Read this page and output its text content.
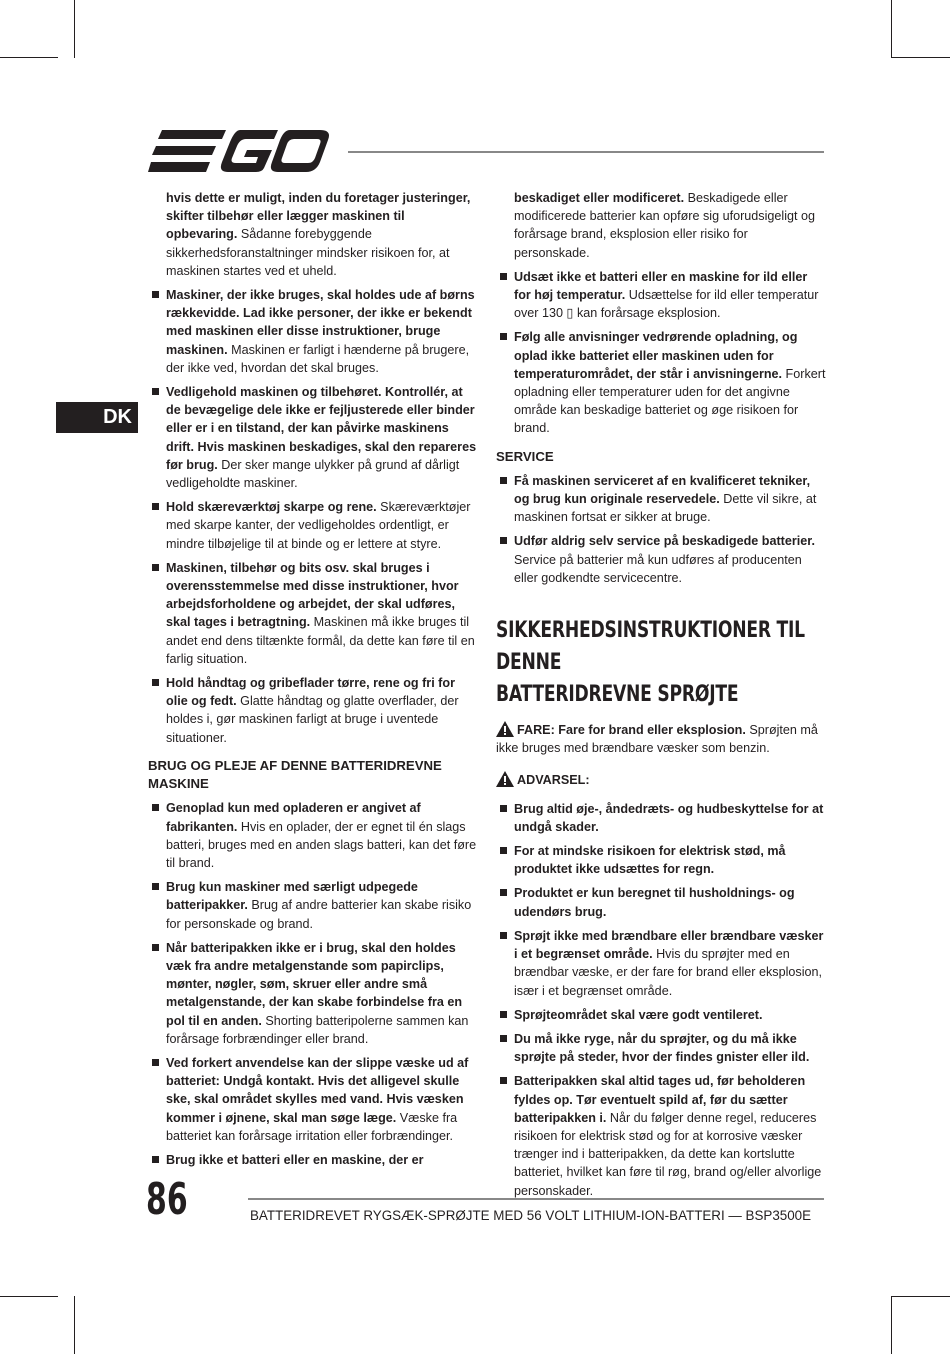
DK

hvis dette er muligt, inden du foretager justeringer, skifter tilbehør eller lægger maskinen til opbevaring. Sådanne forebyggende sikkerhedsforanstaltninger mindsker risikoen for, at maskinen startes ved et uheld.

Maskiner, der ikke bruges, skal holdes ude af børns rækkevidde. Lad ikke personer, der ikke er bekendt med maskinen eller disse instruktioner, bruge maskinen. Maskinen er farligt i hænderne på brugere, der ikke ved, hvordan det skal bruges.
Vedligehold maskinen og tilbehøret. Kontrollér, at de bevægelige dele ikke er fejljusterede eller binder eller er i en tilstand, der kan påvirke maskinens drift. Hvis maskinen beskadiges, skal den repareres før brug. Der sker mange ulykker på grund af dårligt vedligeholdte maskiner.
Hold skæreværktøj skarpe og rene. Skæreværktøjer med skarpe kanter, der vedligeholdes ordentligt, er mindre tilbøjelige til at binde og er lettere at styre.
Maskinen, tilbehør og bits osv. skal bruges i overensstemmelse med disse instruktioner, hvor arbejdsforholdene og arbejdet, der skal udføres, skal tages i betragtning. Maskinen må ikke bruges til andet end dens tiltænkte formål, da dette kan føre til en farlig situation.
Hold håndtag og gribeflader tørre, rene og fri for olie og fedt. Glatte håndtag og glatte overflader, der holdes i, gør maskinen farligt at bruge i uventede situationer.
BRUG OG PLEJE AF DENNE BATTERIDREVNE MASKINE
Genoplad kun med opladeren er angivet af fabrikanten. Hvis en oplader, der er egnet til én slags batteri, bruges med en anden slags batteri, kan det føre til brand.
Brug kun maskiner med særligt udpegede batteripakker. Brug af andre batterier kan skabe risiko for personskade og brand.
Når batteripakken ikke er i brug, skal den holdes væk fra andre metalgenstande som papirclips, mønter, nøgler, søm, skruer eller andre små metalgenstande, der kan skabe forbindelse fra en pol til en anden. Shorting batteripolerne sammen kan forårsage forbrændinger eller brand.
Ved forkert anvendelse kan der slippe væske ud af batteriet: Undgå kontakt. Hvis det alligevel skulle ske, skal området skylles med vand. Hvis væsken kommer i øjnene, skal man søge læge. Væske fra batteriet kan forårsage irritation eller forbrændinger.
Brug ikke et batteri eller en maskine, der er

beskadiget eller modificeret. Beskadigede eller modificerede batterier kan opføre sig uforudsigeligt og forårsage brand, eksplosion eller risiko for personskade.

Udsæt ikke et batteri eller en maskine for ild eller for høj temperatur. Udsættelse for ild eller temperatur over 130 ▯ kan forårsage eksplosion.
Følg alle anvisninger vedrørende opladning, og oplad ikke batteriet eller maskinen uden for temperaturområdet, der står i anvisningerne. Forkert opladning eller temperaturer uden for det angivne område kan beskadige batteriet og øge risikoen for brand.
SERVICE
Få maskinen serviceret af en kvalificeret tekniker, og brug kun originale reservedele. Dette vil sikre, at maskinen fortsat er sikker at bruge.
Udfør aldrig selv service på beskadigede batterier. Service på batterier må kun udføres af producenten eller godkendte servicecentre.
SIKKERHEDSINSTRUKTIONER TIL DENNE
BATTERIDREVNE SPRØJTE

FARE: Fare for brand eller eksplosion. Sprøjten må ikke bruges med brændbare væsker som benzin.

ADVARSEL:

Brug altid øje-, åndedræts- og hudbeskyttelse for at undgå skader.
For at mindske risikoen for elektrisk stød, må produktet ikke udsættes for regn.
Produktet er kun beregnet til husholdnings- og udendørs brug.
Sprøjt ikke med brændbare eller brændbare væsker i et begrænset område. Hvis du sprøjter med en brændbar væske, er der fare for brand eller eksplosion, især i et begrænset område.
Sprøjteområdet skal være godt ventileret.
Du må ikke ryge, når du sprøjter, og du må ikke sprøjte på steder, hvor der findes gnister eller ild.
Batteripakken skal altid tages ud, før beholderen fyldes op. Tør eventuelt spild af, før du sætter batteripakken i. Når du følger denne regel, reduceres risikoen for elektrisk stød og for at korrosive væsker trænger ind i batteripakken, da dette kan kortslutte batteriet, hvilket kan føre til røg, brand og/eller alvorlige personskader.
86	BATTERIDREVET RYGSÆK-SPRØJTE MED 56 VOLT LITHIUM-ION-BATTERI — BSP3500E
